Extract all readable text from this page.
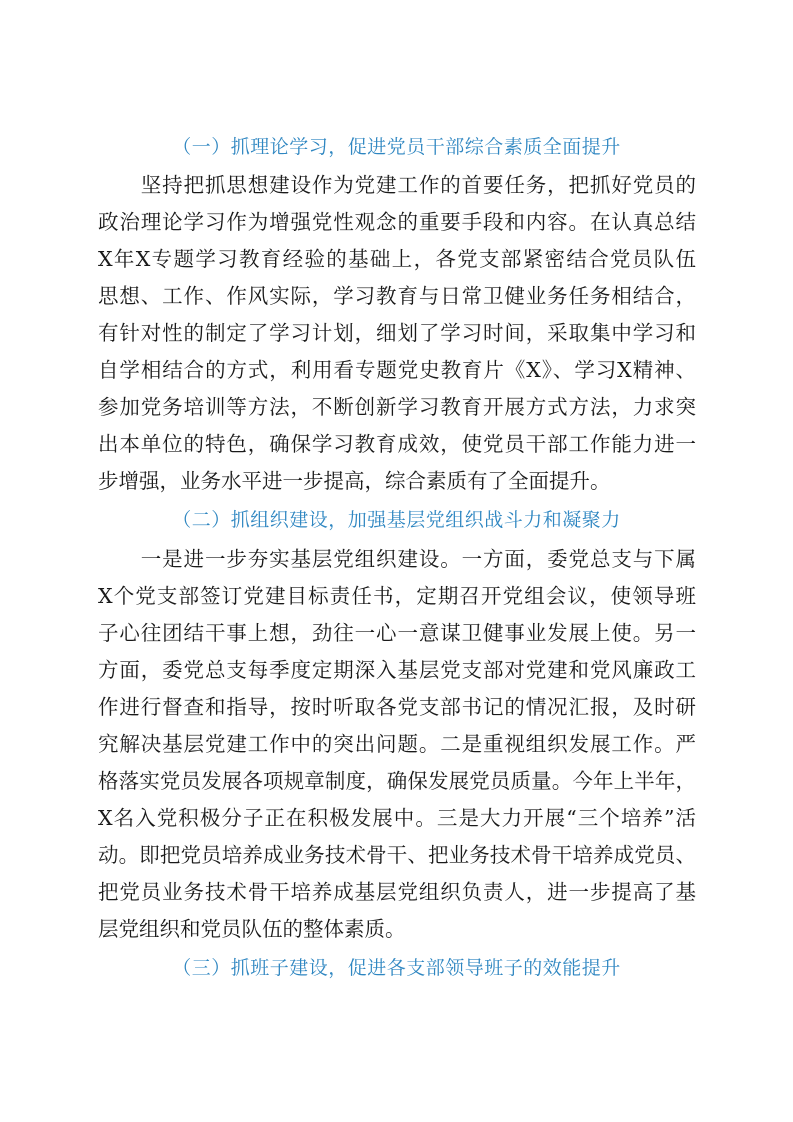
（一）抓理论学习，促进党员干部综合素质全面提升
　　坚持把抓思想建设作为党建工作的首要任务，把抓好党员的
政治理论学习作为增强党性观念的重要手段和内容。在认真总结
X年X专题学习教育经验的基础上，各党支部紧密结合党员队伍
思想、工作、作风实际，学习教育与日常卫健业务任务相结合，
有针对性的制定了学习计划，细划了学习时间，采取集中学习和
自学相结合的方式，利用看专题党史教育片《X》、学习X精神、
参加党务培训等方法，不断创新学习教育开展方式方法，力求突
出本单位的特色，确保学习教育成效，使党员干部工作能力进一
步增强，业务水平进一步提高，综合素质有了全面提升。
（二）抓组织建设，加强基层党组织战斗力和凝聚力
　　一是进一步夯实基层党组织建设。一方面，委党总支与下属
X个党支部签订党建目标责任书，定期召开党组会议，使领导班
子心往团结干事上想，劲往一心一意谋卫健事业发展上使。另一
方面，委党总支每季度定期深入基层党支部对党建和党风廉政工
作进行督查和指导，按时听取各党支部书记的情况汇报，及时研
究解决基层党建工作中的突出问题。二是重视组织发展工作。严
格落实党员发展各项规章制度，确保发展党员质量。今年上半年，
X名入党积极分子正在积极发展中。三是大力开展“三个培养”活
动。即把党员培养成业务技术骨干、把业务技术骨干培养成党员、
把党员业务技术骨干培养成基层党组织负责人，进一步提高了基
层党组织和党员队伍的整体素质。
（三）抓班子建设，促进各支部领导班子的效能提升
